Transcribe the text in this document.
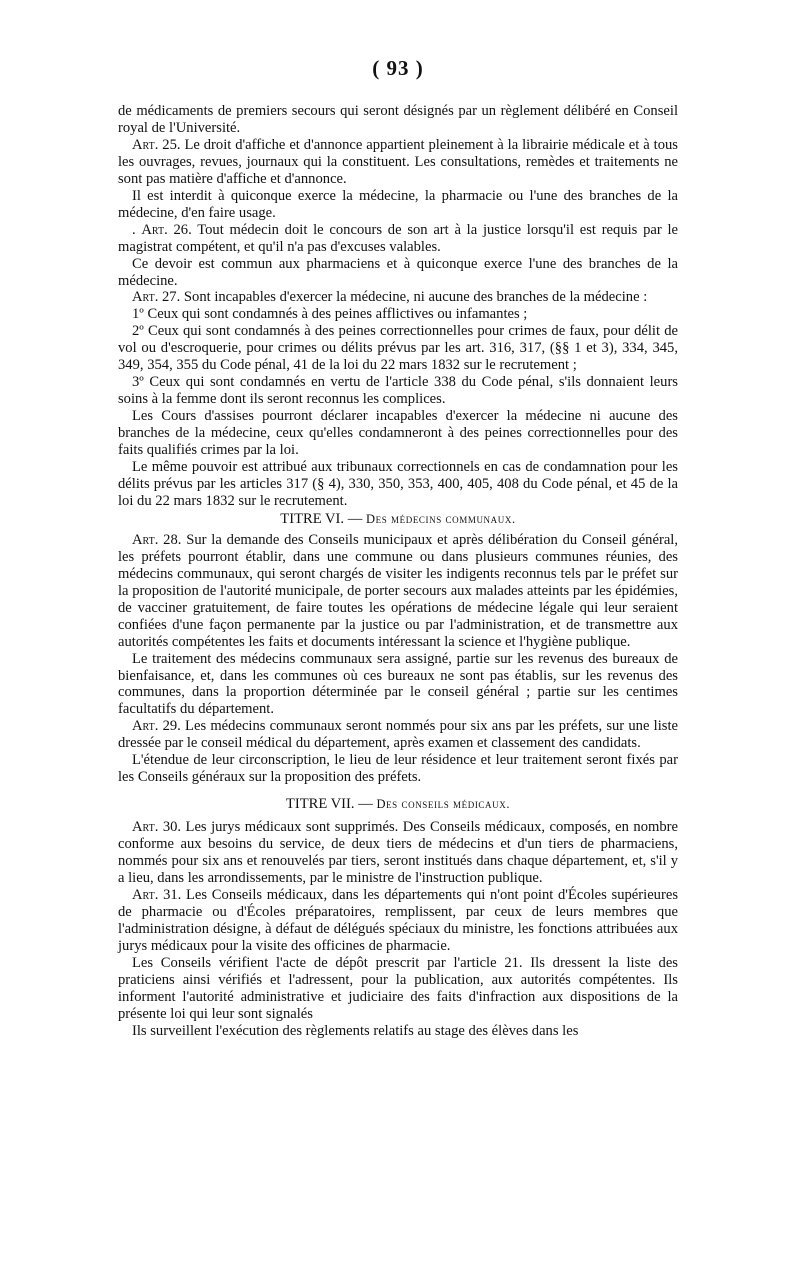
( 93 )

de médicaments de premiers secours qui seront désignés par un règlement délibéré en Conseil royal de l'Université.

Art. 25. Le droit d'affiche et d'annonce appartient pleinement à la librairie médicale et à tous les ouvrages, revues, journaux qui la constituent. Les consultations, remèdes et traitements ne sont pas matière d'affiche et d'annonce.

Il est interdit à quiconque exerce la médecine, la pharmacie ou l'une des branches de la médecine, d'en faire usage.

. Art. 26. Tout médecin doit le concours de son art à la justice lorsqu'il est requis par le magistrat compétent, et qu'il n'a pas d'excuses valables.

Ce devoir est commun aux pharmaciens et à quiconque exerce l'une des branches de la médecine.

Art. 27. Sont incapables d'exercer la médecine, ni aucune des branches de la médecine :

1º Ceux qui sont condamnés à des peines afflictives ou infamantes ;

2º Ceux qui sont condamnés à des peines correctionnelles pour crimes de faux, pour délit de vol ou d'escroquerie, pour crimes ou délits prévus par les art. 316, 317, (§§ 1 et 3), 334, 345, 349, 354, 355 du Code pénal, 41 de la loi du 22 mars 1832 sur le recrutement ;

3º Ceux qui sont condamnés en vertu de l'article 338 du Code pénal, s'ils donnaient leurs soins à la femme dont ils seront reconnus les complices.

Les Cours d'assises pourront déclarer incapables d'exercer la médecine ni aucune des branches de la médecine, ceux qu'elles condamneront à des peines correctionnelles pour des faits qualifiés crimes par la loi.

Le même pouvoir est attribué aux tribunaux correctionnels en cas de condamnation pour les délits prévus par les articles 317 (§ 4), 330, 350, 353, 400, 405, 408 du Code pénal, et 45 de la loi du 22 mars 1832 sur le recrutement.

TITRE VI. — Des médecins communaux.

Art. 28. Sur la demande des Conseils municipaux et après délibération du Conseil général, les préfets pourront établir, dans une commune ou dans plusieurs communes réunies, des médecins communaux, qui seront chargés de visiter les indigents reconnus tels par le préfet sur la proposition de l'autorité municipale, de porter secours aux malades atteints par les épidémies, de vacciner gratuitement, de faire toutes les opérations de médecine légale qui leur seraient confiées d'une façon permanente par la justice ou par l'administration, et de transmettre aux autorités compétentes les faits et documents intéressant la science et l'hygiène publique.

Le traitement des médecins communaux sera assigné, partie sur les revenus des bureaux de bienfaisance, et, dans les communes où ces bureaux ne sont pas établis, sur les revenus des communes, dans la proportion déterminée par le conseil général ; partie sur les centimes facultatifs du département.

Art. 29. Les médecins communaux seront nommés pour six ans par les préfets, sur une liste dressée par le conseil médical du département, après examen et classement des candidats.

L'étendue de leur circonscription, le lieu de leur résidence et leur traitement seront fixés par les Conseils généraux sur la proposition des préfets.

TITRE VII. — Des conseils médicaux.

Art. 30. Les jurys médicaux sont supprimés. Des Conseils médicaux, composés, en nombre conforme aux besoins du service, de deux tiers de médecins et d'un tiers de pharmaciens, nommés pour six ans et renouvelés par tiers, seront institués dans chaque département, et, s'il y a lieu, dans les arrondissements, par le ministre de l'instruction publique.

Art. 31. Les Conseils médicaux, dans les départements qui n'ont point d'Écoles supérieures de pharmacie ou d'Écoles préparatoires, remplissent, par ceux de leurs membres que l'administration désigne, à défaut de délégués spéciaux du ministre, les fonctions attribuées aux jurys médicaux pour la visite des officines de pharmacie.

Les Conseils vérifient l'acte de dépôt prescrit par l'article 21. Ils dressent la liste des praticiens ainsi vérifiés et l'adressent, pour la publication, aux autorités compétentes. Ils informent l'autorité administrative et judiciaire des faits d'infraction aux dispositions de la présente loi qui leur sont signalés

Ils surveillent l'exécution des règlements relatifs au stage des élèves dans les
